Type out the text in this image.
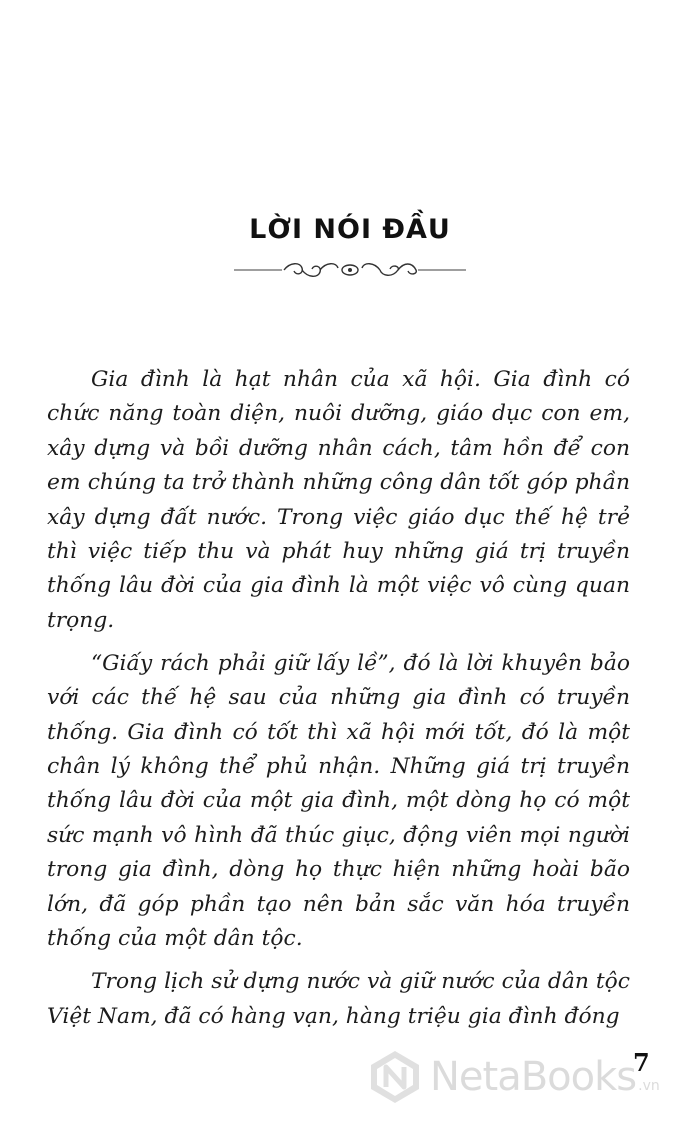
LỜI NÓI ĐẦU

Gia đình là hạt nhân của xã hội. Gia đình có chức năng toàn diện, nuôi dưỡng, giáo dục con em, xây dựng và bồi dưỡng nhân cách, tâm hồn để con em chúng ta trở thành những công dân tốt góp phần xây dựng đất nước. Trong việc giáo dục thế hệ trẻ thì việc tiếp thu và phát huy những giá trị truyền thống lâu đời của gia đình là một việc vô cùng quan trọng.

“Giấy rách phải giữ lấy lề”, đó là lời khuyên bảo với các thế hệ sau của những gia đình có truyền thống. Gia đình có tốt thì xã hội mới tốt, đó là một chân lý không thể phủ nhận. Những giá trị truyền thống lâu đời của một gia đình, một dòng họ có một sức mạnh vô hình đã thúc giục, động viên mọi người trong gia đình, dòng họ thực hiện những hoài bão lớn, đã góp phần tạo nên bản sắc văn hóa truyền thống của một dân tộc.

Trong lịch sử dựng nước và giữ nước của dân tộc Việt Nam, đã có hàng vạn, hàng triệu gia đình đóng

7
NetaBooks .vn
